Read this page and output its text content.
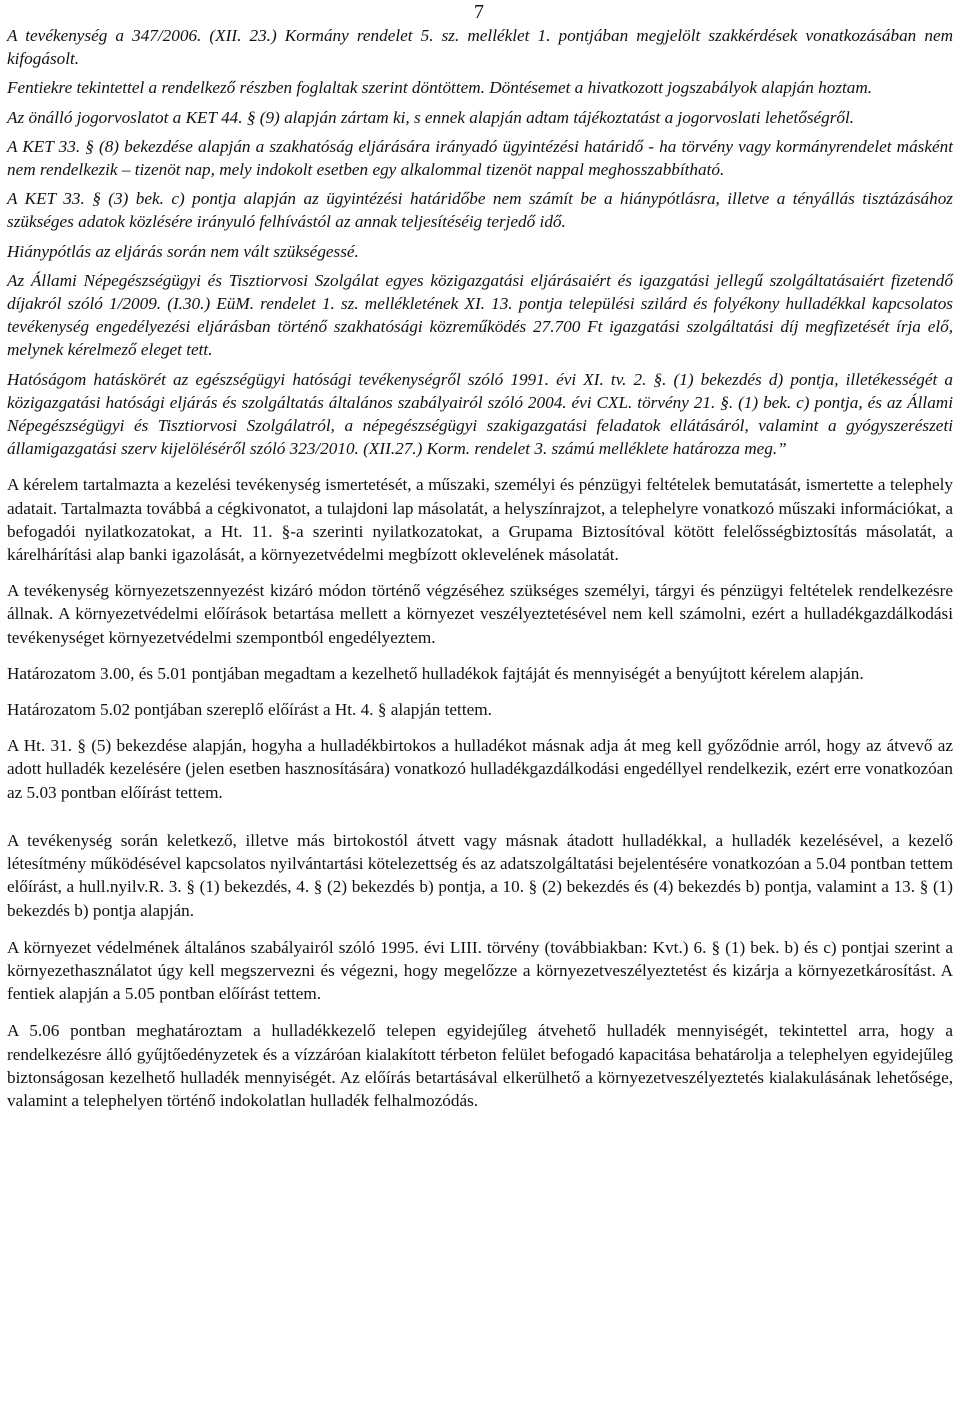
7

A tevékenység a 347/2006. (XII. 23.) Kormány rendelet 5. sz. melléklet 1. pontjában megjelölt szakkérdések vonatkozásában nem kifogásolt.

Fentiekre tekintettel a rendelkező részben foglaltak szerint döntöttem. Döntésemet a hivatkozott jogszabályok alapján hoztam.

Az önálló jogorvoslatot a KET 44. § (9) alapján zártam ki, s ennek alapján adtam tájékoztatást a jogorvoslati lehetőségről.

A KET 33. § (8) bekezdése alapján a szakhatóság eljárására irányadó ügyintézési határidő - ha törvény vagy kormányrendelet másként nem rendelkezik – tizenöt nap, mely indokolt esetben egy alkalommal tizenöt nappal meghosszabbítható.

A KET 33. § (3) bek. c) pontja alapján az ügyintézési határidőbe nem számít be a hiánypótlásra, illetve a tényállás tisztázásához szükséges adatok közlésére irányuló felhívástól az annak teljesítéséig terjedő idő.

Hiánypótlás az eljárás során nem vált szükségessé.

Az Állami Népegészségügyi és Tisztiorvosi Szolgálat egyes közigazgatási eljárásaiért és igazgatási jellegű szolgáltatásaiért fizetendő díjakról szóló 1/2009. (I.30.) EüM. rendelet 1. sz. mellékletének XI. 13. pontja települési szilárd és folyékony hulladékkal kapcsolatos tevékenység engedélyezési eljárásban történő szakhatósági közreműködés 27.700 Ft igazgatási szolgáltatási díj megfizetését írja elő, melynek kérelmező eleget tett.

Hatóságom hatáskörét az egészségügyi hatósági tevékenységről szóló 1991. évi XI. tv. 2. §. (1) bekezdés d) pontja, illetékességét a közigazgatási hatósági eljárás és szolgáltatás általános szabályairól szóló 2004. évi CXL. törvény 21. §. (1) bek. c) pontja, és az Állami Népegészségügyi és Tisztiorvosi Szolgálatról, a népegészségügyi szakigazgatási feladatok ellátásáról, valamint a gyógyszerészeti államigazgatási szerv kijelöléséről szóló 323/2010. (XII.27.) Korm. rendelet 3. számú melléklete határozza meg.”

A kérelem tartalmazta a kezelési tevékenység ismertetését, a műszaki, személyi és pénzügyi feltételek bemutatását, ismertette a telephely adatait. Tartalmazta továbbá a cégkivonatot, a tulajdoni lap másolatát, a helyszínrajzot, a telephelyre vonatkozó műszaki információkat, a befogadói nyilatkozatokat, a Ht. 11. §-a szerinti nyilatkozatokat, a Grupama Biztosítóval kötött felelősségbiztosítás másolatát, a kárelhárítási alap banki igazolását, a környezetvédelmi megbízott oklevelének másolatát.

A tevékenység környezetszennyezést kizáró módon történő végzéséhez szükséges személyi, tárgyi és pénzügyi feltételek rendelkezésre állnak. A környezetvédelmi előírások betartása mellett a környezet veszélyeztetésével nem kell számolni, ezért a hulladékgazdálkodási tevékenységet környezetvédelmi szempontból engedélyeztem.

Határozatom 3.00, és 5.01 pontjában megadtam a kezelhető hulladékok fajtáját és mennyiségét a benyújtott kérelem alapján.

Határozatom 5.02 pontjában szereplő előírást a Ht. 4. § alapján tettem.

A Ht. 31. § (5) bekezdése alapján, hogyha a hulladékbirtokos a hulladékot másnak adja át meg kell győződnie arról, hogy az átvevő az adott hulladék kezelésére (jelen esetben hasznosítására) vonatkozó hulladékgazdálkodási engedéllyel rendelkezik, ezért erre vonatkozóan az 5.03 pontban előírást tettem.

A tevékenység során keletkező, illetve más birtokostól átvett vagy másnak átadott hulladékkal, a hulladék kezelésével, a kezelő létesítmény működésével kapcsolatos nyilvántartási kötelezettség és az adatszolgáltatási bejelentésére vonatkozóan a 5.04 pontban tettem előírást, a hull.nyilv.R. 3. § (1) bekezdés, 4. § (2) bekezdés b) pontja, a 10. § (2) bekezdés és (4) bekezdés b) pontja, valamint a 13. § (1) bekezdés b) pontja alapján.

A környezet védelmének általános szabályairól szóló 1995. évi LIII. törvény (továbbiakban: Kvt.) 6. § (1) bek. b) és c) pontjai szerint a környezethasználatot úgy kell megszervezni és végezni, hogy megelőzze a környezetveszélyeztetést és kizárja a környezetkárosítást. A fentiek alapján a 5.05 pontban előírást tettem.

A 5.06 pontban meghatároztam a hulladékkezelő telepen egyidejűleg átvehető hulladék mennyiségét, tekintettel arra, hogy a rendelkezésre álló gyűjtőedényzetek és a vízzáróan kialakított térbeton felület befogadó kapacitása behatárolja a telephelyen egyidejűleg biztonságosan kezelhető hulladék mennyiségét. Az előírás betartásával elkerülhető a környezetveszélyeztetés kialakulásának lehetősége, valamint a telephelyen történő indokolatlan hulladék felhalmozódás.
